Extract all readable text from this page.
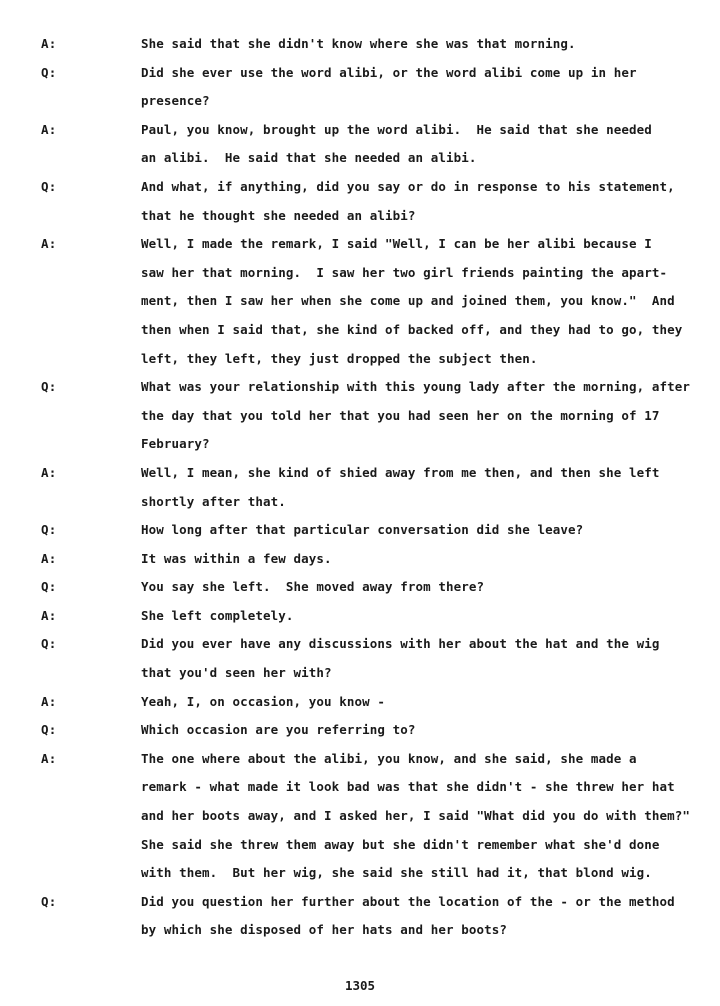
A:	She said that she didn't know where she was that morning.
Q:	Did she ever use the word alibi, or the word alibi come up in her
presence?
A:	Paul, you know, brought up the word alibi.  He said that she needed
an alibi.  He said that she needed an alibi.
Q:	And what, if anything, did you say or do in response to his statement,
that he thought she needed an alibi?
A:	Well, I made the remark, I said "Well, I can be her alibi because I
saw her that morning.  I saw her two girl friends painting the apart-
ment, then I saw her when she come up and joined them, you know."  And
then when I said that, she kind of backed off, and they had to go, they
left, they left, they just dropped the subject then.
Q:	What was your relationship with this young lady after the morning, after
the day that you told her that you had seen her on the morning of 17
February?
A:	Well, I mean, she kind of shied away from me then, and then she left
shortly after that.
Q:	How long after that particular conversation did she leave?
A:	It was within a few days.
Q:	You say she left.  She moved away from there?
A:	She left completely.
Q:	Did you ever have any discussions with her about the hat and the wig
that you'd seen her with?
A:	Yeah, I, on occasion, you know -
Q:	Which occasion are you referring to?
A:	The one where about the alibi, you know, and she said, she made a
remark - what made it look bad was that she didn't - she threw her hat
and her boots away, and I asked her, I said "What did you do with them?"
She said she threw them away but she didn't remember what she'd done
with them.  But her wig, she said she still had it, that blond wig.
Q:	Did you question her further about the location of the - or the method
by which she disposed of her hats and her boots?
1305
